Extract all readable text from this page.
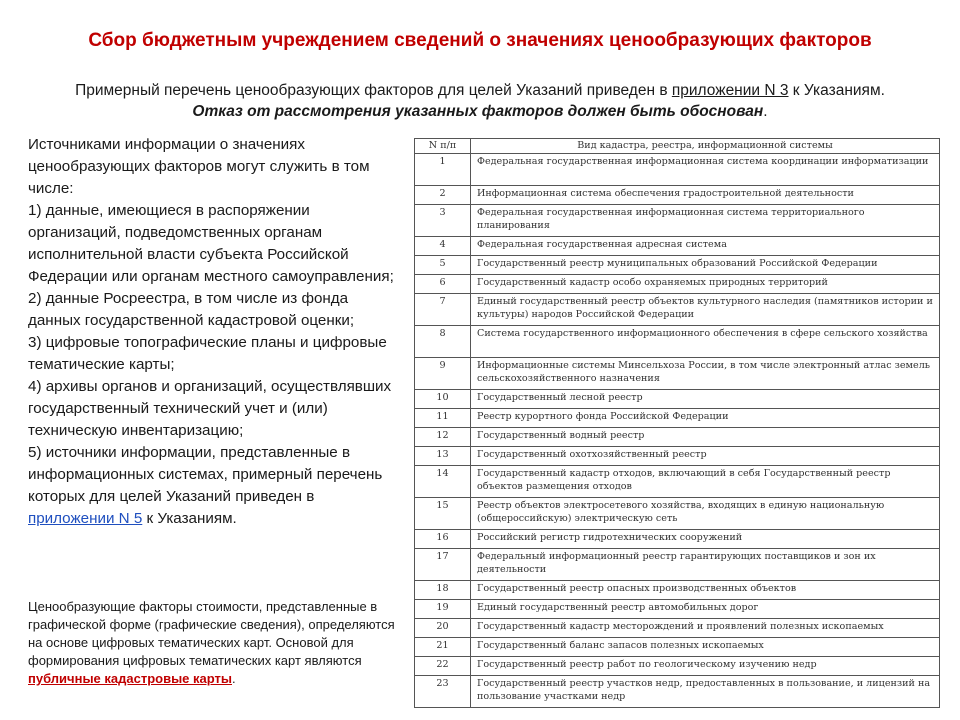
Сбор бюджетным учреждением сведений о значениях ценообразующих факторов
Примерный перечень ценообразующих факторов для целей Указаний приведен в приложении N 3 к Указаниям. Отказ от рассмотрения указанных факторов должен быть обоснован.

Источниками информации о значениях ценообразующих факторов могут служить в том числе:

1) данные, имеющиеся в распоряжении организаций, подведомственных органам исполнительной власти субъекта Российской Федерации или органам местного самоуправления;

2) данные Росреестра, в том числе из фонда данных государственной кадастровой оценки;

3) цифровые топографические планы и цифровые тематические карты;

4) архивы органов и организаций, осуществлявших государственный технический учет и (или) техническую инвентаризацию;

5) источники информации, представленные в информационных системах, примерный перечень которых для целей Указаний приведен в приложении N 5 к Указаниям.

Ценообразующие факторы стоимости, представленные в графической форме (графические сведения), определяются на основе цифровых тематических карт. Основой для формирования цифровых тематических карт являются публичные кадастровые карты.
N п/п	Вид кадастра, реестра, информационной системы
1	Федеральная государственная информационная система координации информатизации
2	Информационная система обеспечения градостроительной деятельности
3	Федеральная государственная информационная система территориального планирования
4	Федеральная государственная адресная система
5	Государственный реестр муниципальных образований Российской Федерации
6	Государственный кадастр особо охраняемых природных территорий
7	Единый государственный реестр объектов культурного наследия (памятников истории и культуры) народов Российской Федерации
8	Система государственного информационного обеспечения в сфере сельского хозяйства
9	Информационные системы Минсельхоза России, в том числе электронный атлас земель сельскохозяйственного назначения
10	Государственный лесной реестр
11	Реестр курортного фонда Российской Федерации
12	Государственный водный реестр
13	Государственный охотхозяйственный реестр
14	Государственный кадастр отходов, включающий в себя Государственный реестр объектов размещения отходов
15	Реестр объектов электросетевого хозяйства, входящих в единую национальную (общероссийскую) электрическую сеть
16	Российский регистр гидротехнических сооружений
17	Федеральный информационный реестр гарантирующих поставщиков и зон их деятельности
18	Государственный реестр опасных производственных объектов
19	Единый государственный реестр автомобильных дорог
20	Государственный кадастр месторождений и проявлений полезных ископаемых
21	Государственный баланс запасов полезных ископаемых
22	Государственный реестр работ по геологическому изучению недр
23	Государственный реестр участков недр, предоставленных в пользование, и лицензий на пользование участками недр
